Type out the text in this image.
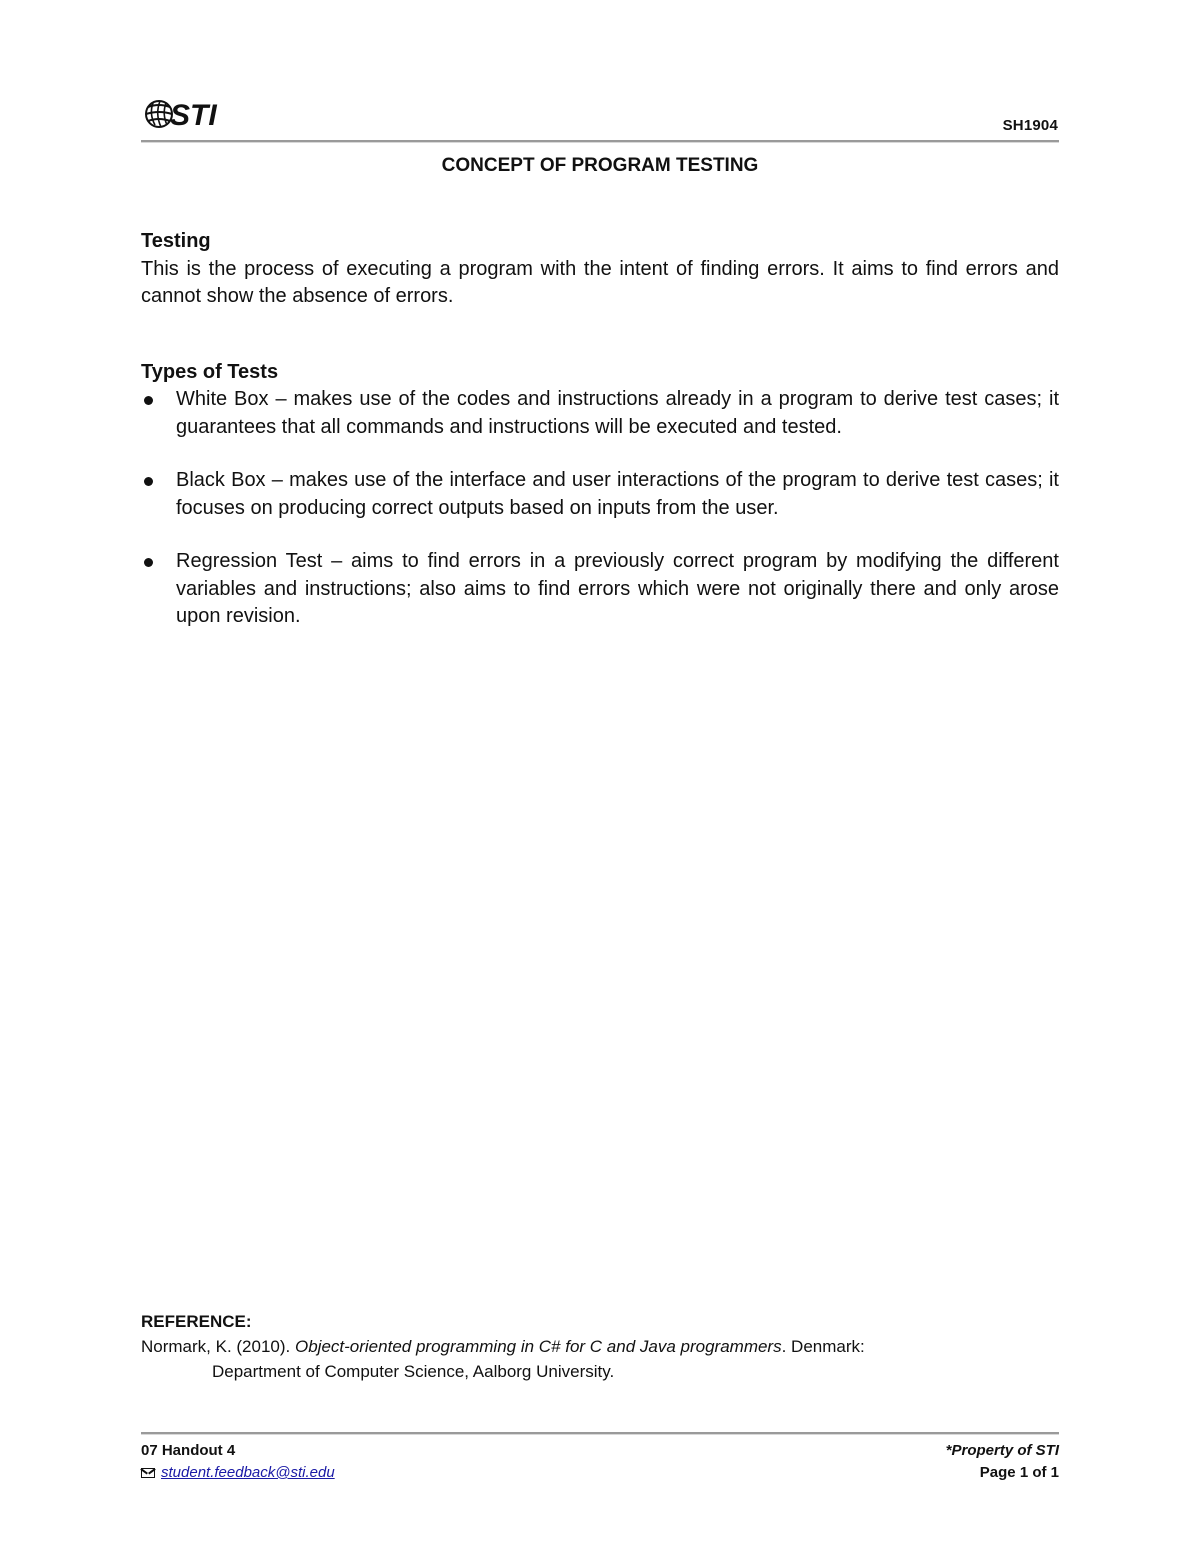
STI	SH1904
CONCEPT OF PROGRAM TESTING

Testing

This is the process of executing a program with the intent of finding errors. It aims to find errors and cannot show the absence of errors.

Types of Tests

White Box – makes use of the codes and instructions already in a program to derive test cases; it guarantees that all commands and instructions will be executed and tested.
Black Box – makes use of the interface and user interactions of the program to derive test cases; it focuses on producing correct outputs based on inputs from the user.
Regression Test – aims to find errors in a previously correct program by modifying the different variables and instructions; also aims to find errors which were not originally there and only arose upon revision.

REFERENCE:

Normark, K. (2010). Object-oriented programming in C# for C and Java programmers. Denmark:

Department of Computer Science, Aalborg University.

07 Handout 4
student.feedback@sti.edu
*Property of STI
Page 1 of 1
